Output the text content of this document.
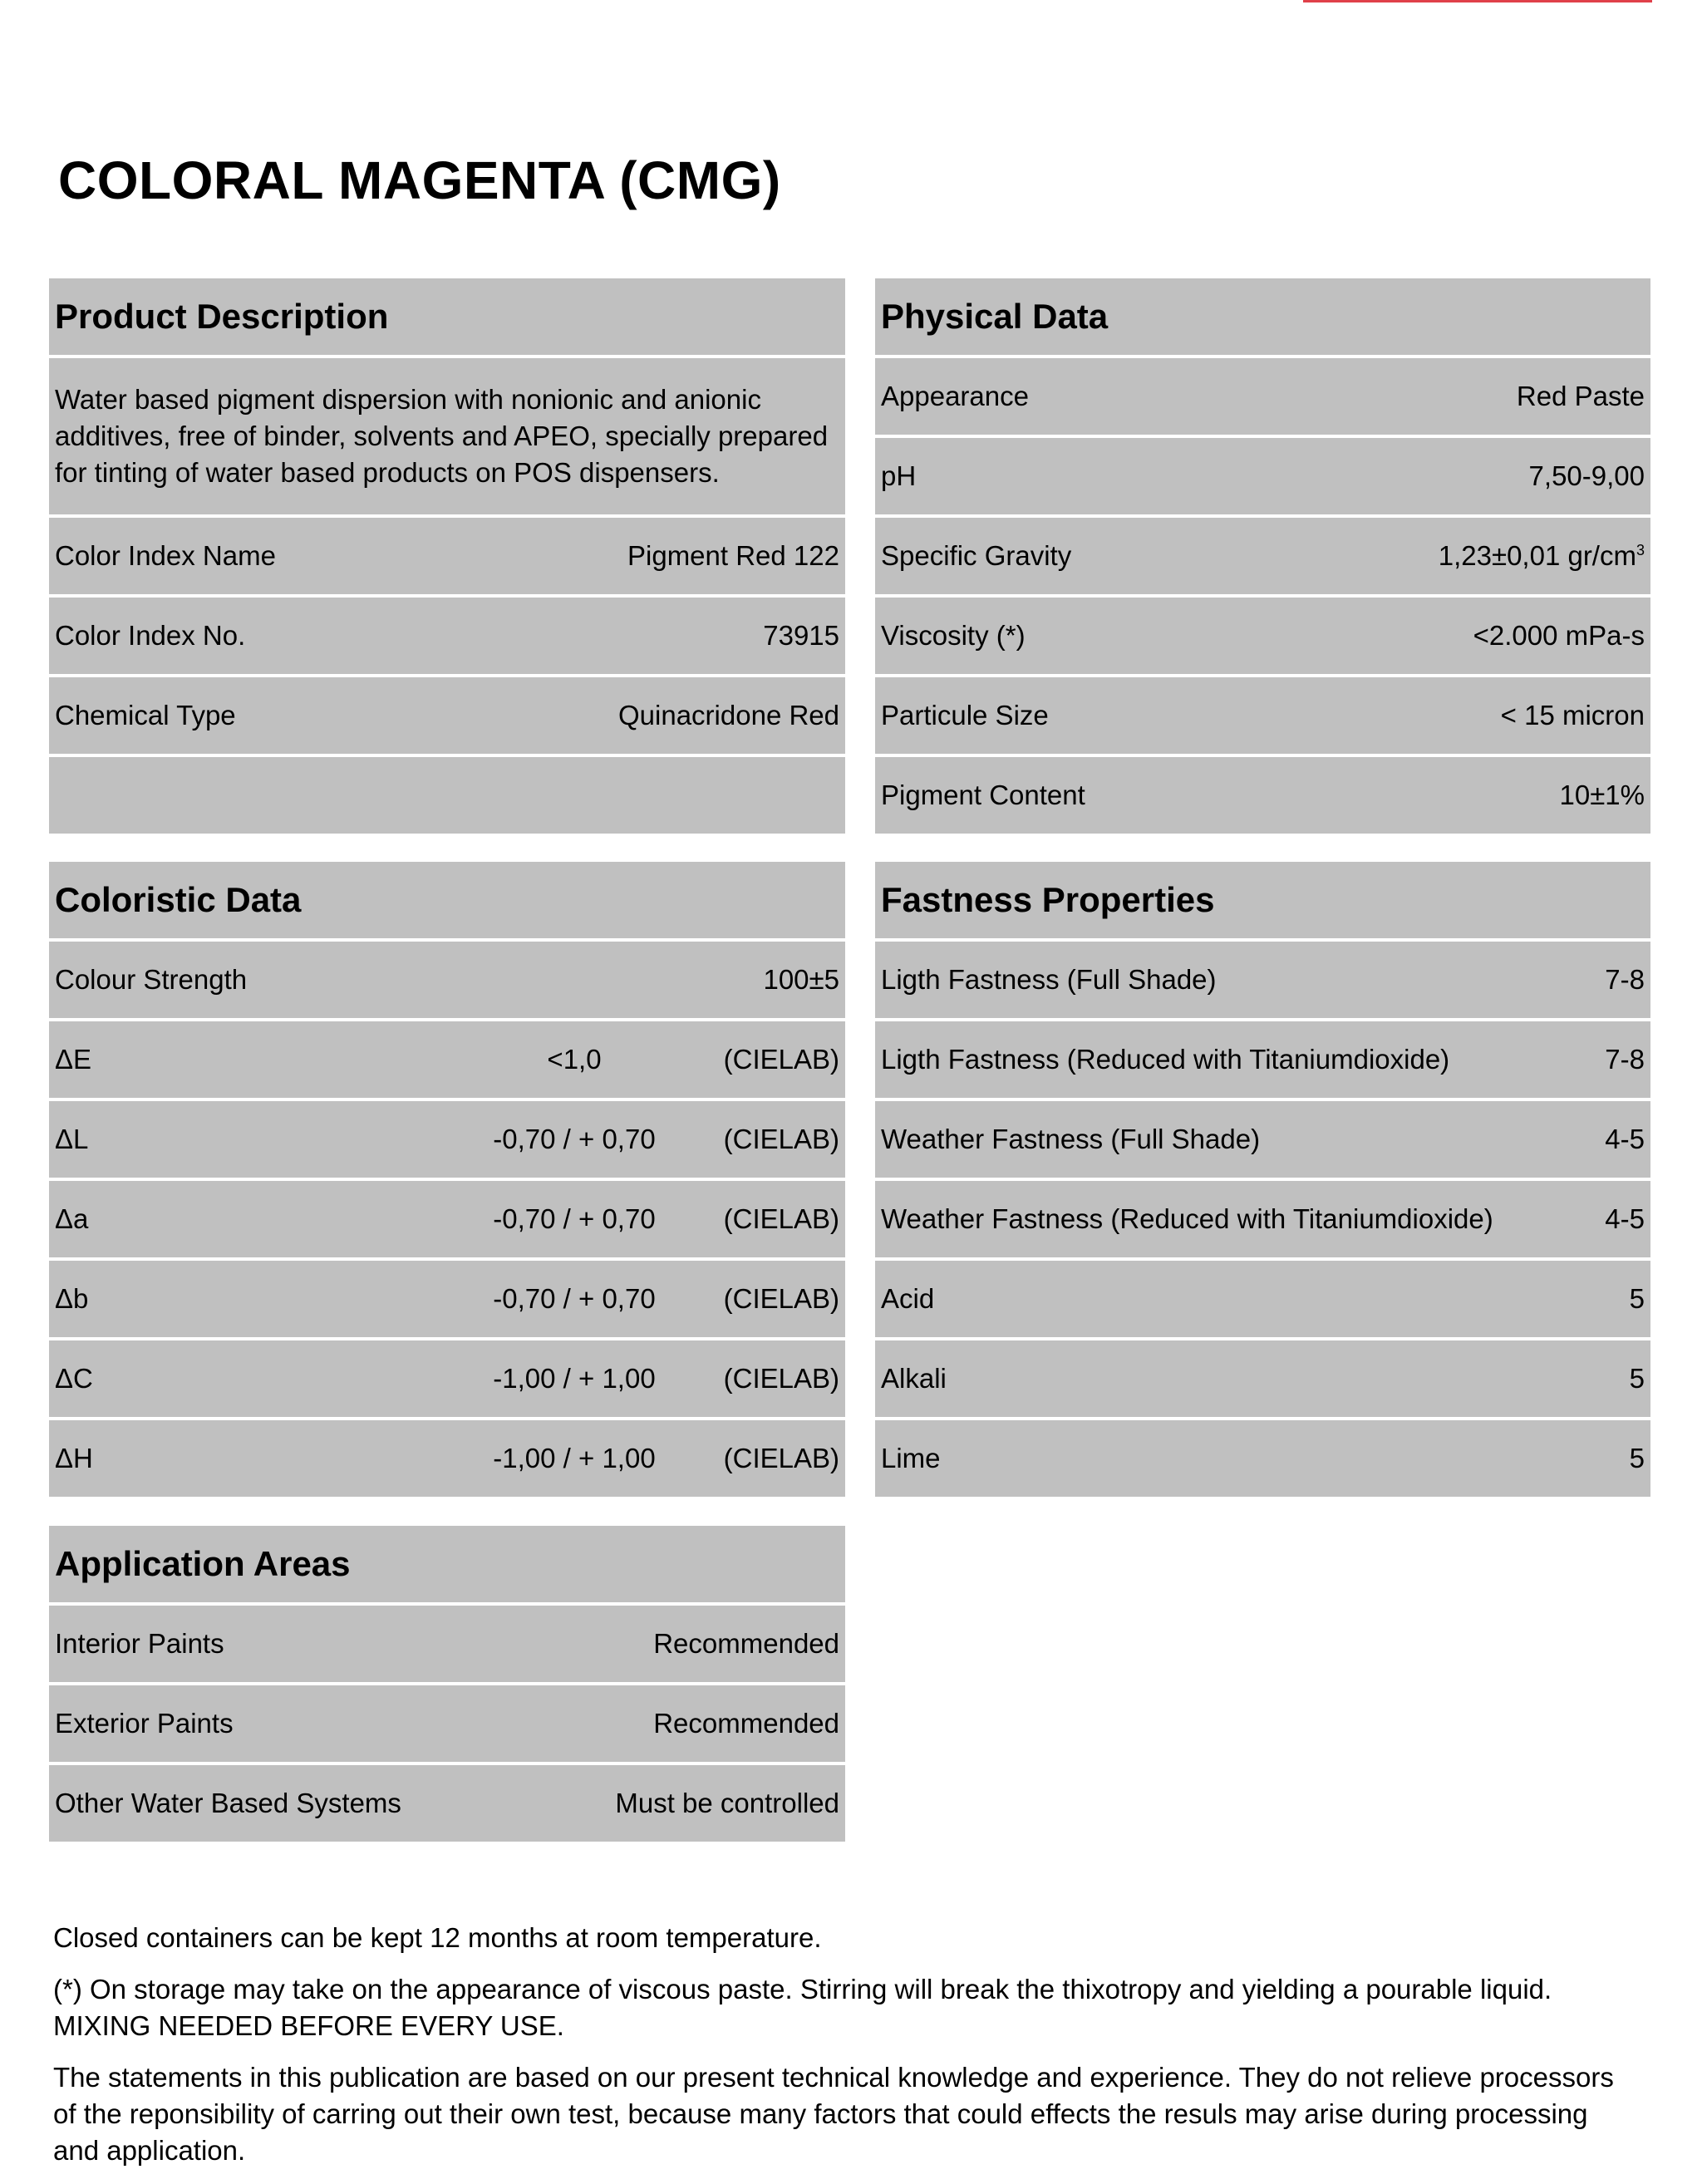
COLORAL MAGENTA (CMG)
Product Description
Water based pigment dispersion with nonionic and anionic additives, free of binder, solvents and APEO, specially prepared for tinting of water based products on POS dispensers.
Color Index Name	Pigment Red 122
Color Index No.	73915
Chemical Type	Quinacridone Red
Physical Data
Appearance	Red Paste
pH	7,50-9,00
Specific Gravity	1,23±0,01 $gr/cm^3$
Viscosity (*)	<2.000 mPa-s
Particule Size	< 15 micron
Pigment Content	10±1%
Coloristic Data
Colour Strength	100±5
ΔE	<1,0	(CIELAB)
ΔL	-0,70 / + 0,70	(CIELAB)
Δa	-0,70 / + 0,70	(CIELAB)
Δb	-0,70 / + 0,70	(CIELAB)
ΔC	-1,00 / + 1,00	(CIELAB)
ΔH	-1,00 / + 1,00	(CIELAB)
Fastness Properties
Ligth Fastness (Full Shade)	7-8
Ligth Fastness (Reduced with Titaniumdioxide)	7-8
Weather Fastness (Full Shade)	4-5
Weather Fastness (Reduced with Titaniumdioxide)	4-5
Acid	5
Alkali	5
Lime	5
Application Areas
Interior Paints	Recommended
Exterior Paints	Recommended
Other Water Based Systems	Must be controlled

Closed containers can be kept 12 months at room temperature.

(*) On storage may take on the appearance of viscous paste. Stirring will break the thixotropy and yielding a pourable liquid. MIXING NEEDED BEFORE EVERY USE.

The statements in this publication are based on our present technical knowledge and experience. They do not relieve processors of the reponsibility of carring out their own test, because many factors that could effects the resuls may arise during processing and application.
